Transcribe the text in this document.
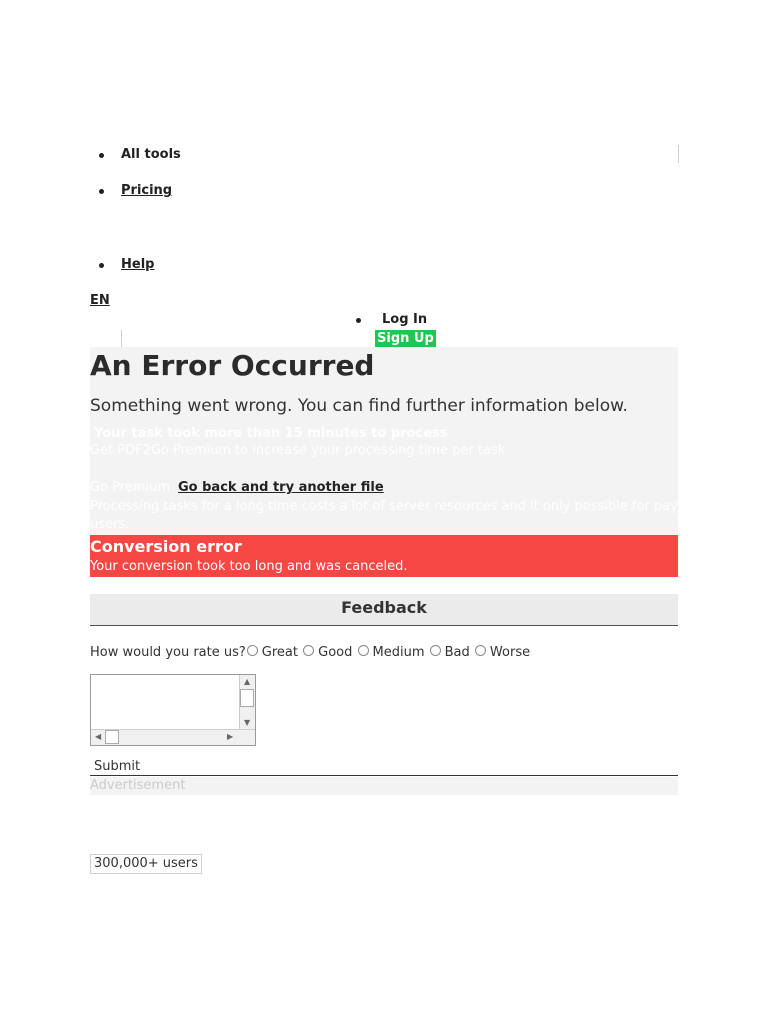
All tools
Pricing
Help
EN
Log In
Sign Up
An Error Occurred
Something went wrong. You can find further information below.
Your task took more than 15 minutes to process
Get PDF2Go Premium to increase your processing time per task
Go Premium Go back and try another file
Processing tasks for a long time costs a lot of server resources and it only possible for paying
users.
Conversion error
Your conversion took too long and was canceled.
Feedback
How would you rate us? Great Good Medium Bad Worse
▲
▼
◀	▶
Submit
Advertisement
300,000+ users
